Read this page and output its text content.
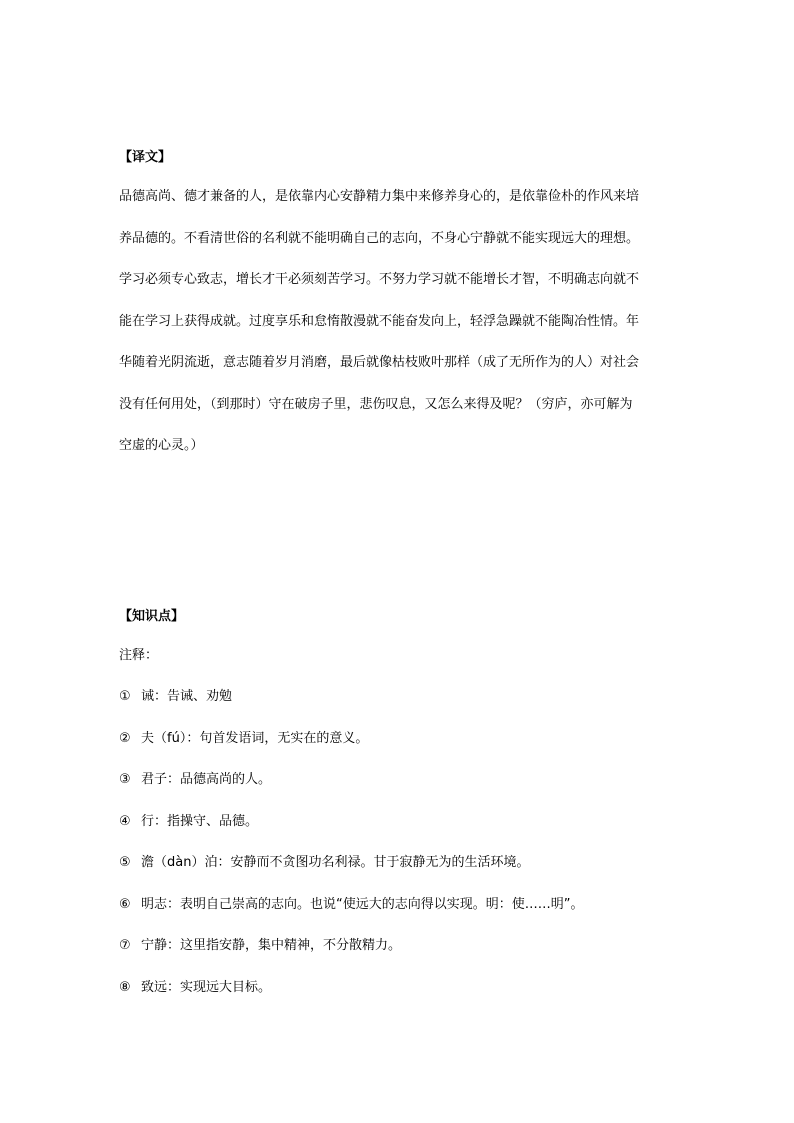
【译文】
品德高尚、德才兼备的人，是依靠内心安静精力集中来修养身心的，是依靠俭朴的作风来培
养品德的。不看清世俗的名利就不能明确自己的志向，不身心宁静就不能实现远大的理想。
学习必须专心致志，增长才干必须刻苦学习。不努力学习就不能增长才智，不明确志向就不
能在学习上获得成就。过度享乐和怠惰散漫就不能奋发向上，轻浮急躁就不能陶冶性情。年
华随着光阴流逝，意志随着岁月消磨，最后就像枯枝败叶那样（成了无所作为的人）对社会
没有任何用处，（到那时）守在破房子里，悲伤叹息，又怎么来得及呢？（穷庐，亦可解为
空虚的心灵。）
【知识点】

注释：

① 诫：告诫、劝勉
② 夫（fú）：句首发语词，无实在的意义。
③ 君子：品德高尚的人。
④ 行：指操守、品德。
⑤ 澹（dàn）泊：安静而不贪图功名利禄。甘于寂静无为的生活环境。
⑥ 明志：表明自己崇高的志向。也说“使远大的志向得以实现。明：使……明”。
⑦ 宁静：这里指安静，集中精神，不分散精力。
⑧ 致远：实现远大目标。
